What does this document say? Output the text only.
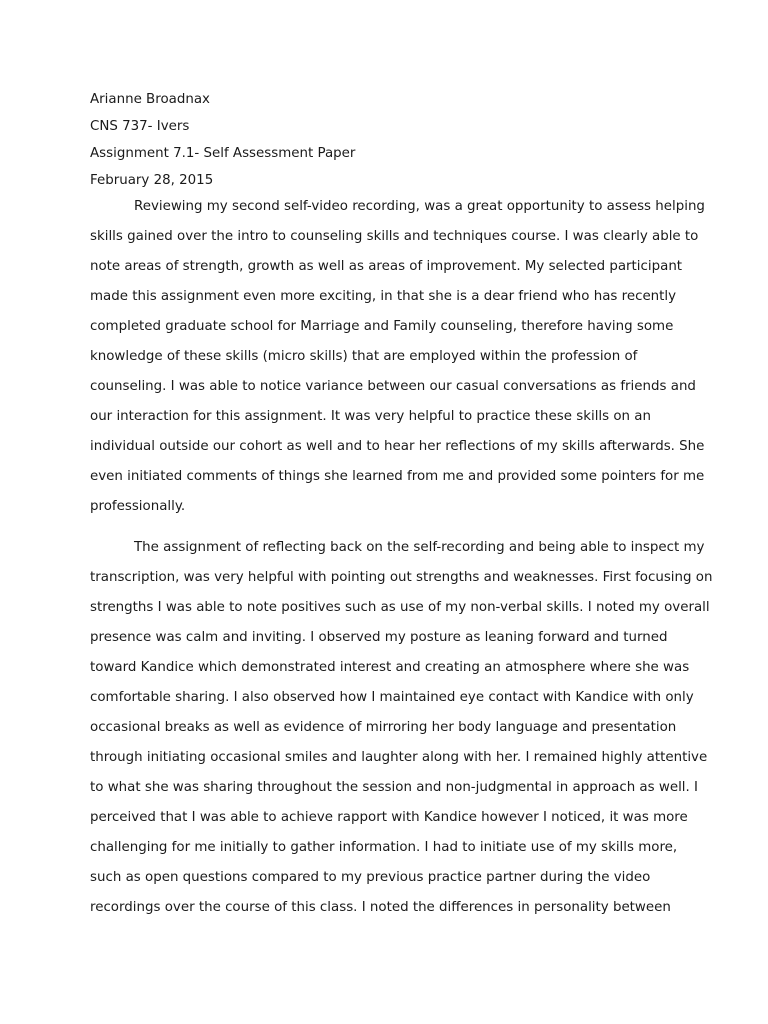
Arianne Broadnax
CNS 737- Ivers
Assignment 7.1- Self Assessment Paper
February 28, 2015
Reviewing my second self-video recording, was a great opportunity to assess helping
skills gained over the intro to counseling skills and techniques course. I was clearly able to
note areas of strength, growth as well as areas of improvement. My selected participant
made this assignment even more exciting, in that she is a dear friend who has recently
completed graduate school for Marriage and Family counseling, therefore having some
knowledge of these skills (micro skills) that are employed within the profession of
counseling. I was able to notice variance between our casual conversations as friends and
our interaction for this assignment. It was very helpful to practice these skills on an
individual outside our cohort as well and to hear her reflections of my skills afterwards. She
even initiated comments of things she learned from me and provided some pointers for me
professionally.
The assignment of reflecting back on the self-recording and being able to inspect my
transcription, was very helpful with pointing out strengths and weaknesses. First focusing on
strengths I was able to note positives such as use of my non-verbal skills. I noted my overall
presence was calm and inviting. I observed my posture as leaning forward and turned
toward Kandice which demonstrated interest and creating an atmosphere where she was
comfortable sharing. I also observed how I maintained eye contact with Kandice with only
occasional breaks as well as evidence of mirroring her body language and presentation
through initiating occasional smiles and laughter along with her. I remained highly attentive
to what she was sharing throughout the session and non-judgmental in approach as well. I
perceived that I was able to achieve rapport with Kandice however I noticed, it was more
challenging for me initially to gather information. I had to initiate use of my skills more,
such as open questions compared to my previous practice partner during the video
recordings over the course of this class. I noted the differences in personality between
